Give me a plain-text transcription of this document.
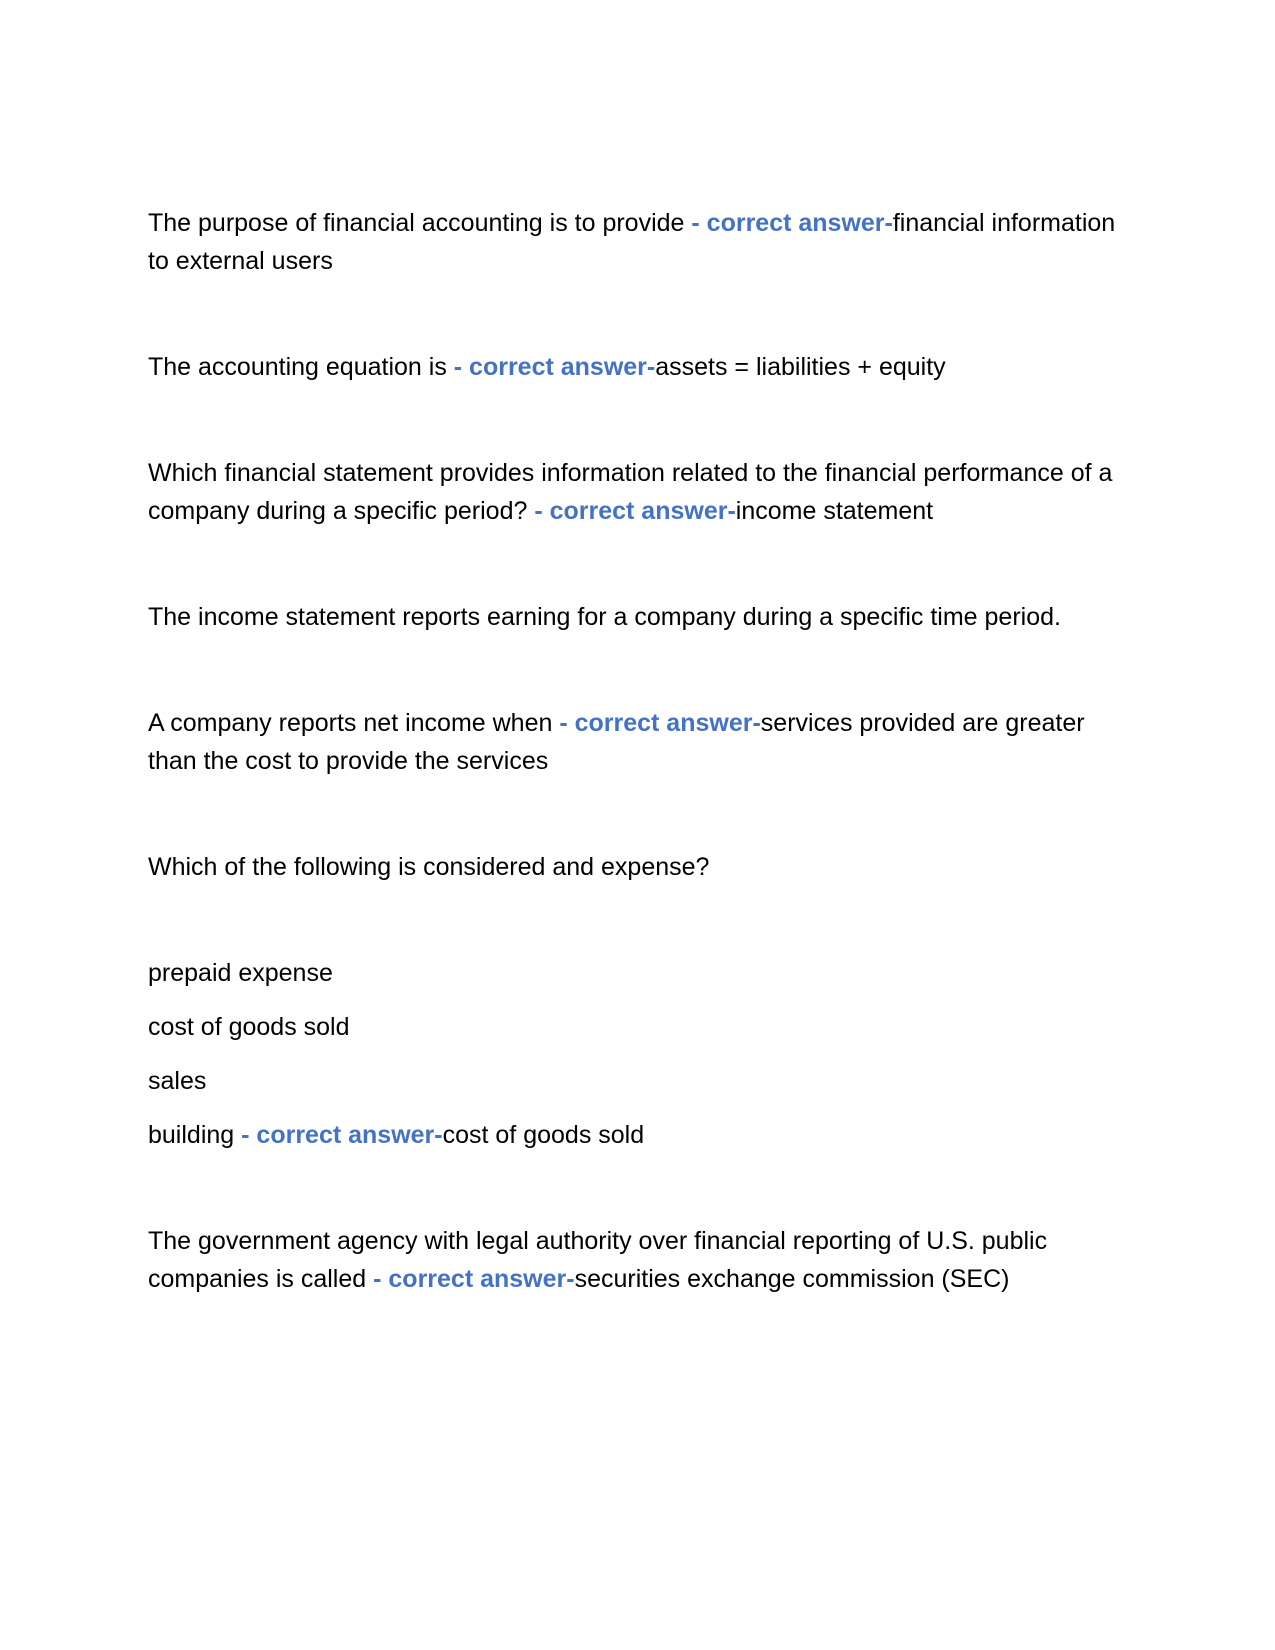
The purpose of financial accounting is to provide - correct answer-financial information to external users

The accounting equation is - correct answer-assets = liabilities + equity

Which financial statement provides information related to the financial performance of a company during a specific period? - correct answer-income statement

The income statement reports earning for a company during a specific time period.

A company reports net income when - correct answer-services provided are greater than the cost to provide the services

Which of the following is considered and expense?

prepaid expense

cost of goods sold

sales

building - correct answer-cost of goods sold

The government agency with legal authority over financial reporting of U.S. public companies is called - correct answer-securities exchange commission (SEC)
